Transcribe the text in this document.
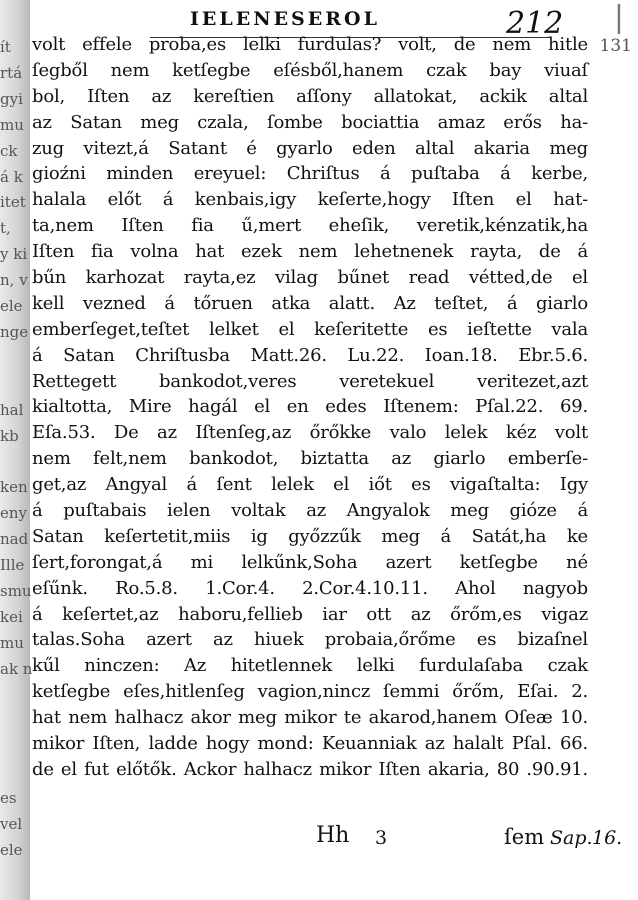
ít
rtá
gyi
mu
ck
á k
itet
t,
y ki
n, v
ele
nge
hal
kb
ken
eny
nad
Ille
smu
kei
mu
ak n
es
vel
ele
IELENESEROL	212 |
131
volt effele proba,es lelki furdulas? volt, de nem hitle
ſegből nem ketſegbe eſésből,hanem czak bay viuaſ
bol, Iſten az kereſtien aſſony allatokat, ackik altal
az Satan meg czala, ſombe bociattia amaz erős ha-
zug vitezt,á Satant é gyarlo eden altal akaria meg
gioźni minden ereyuel: Chriſtus á puſtaba á kerbe,
halala előt á kenbais,igy keſerte,hogy Iſten el hat-
ta,nem Iſten fia ű,mert eheſik, veretik,kénzatik,ha
Iſten fia volna hat ezek nem lehetnenek rayta, de á
bűn karhozat rayta,ez vilag bűnet read vétted,de el
kell vezned á tőruen atka alatt. Az teſtet, á giarlo
emberſeget,teſtet lelket el keſeritette es ieſtette vala
á Satan Chriſtusba Matt.26. Lu.22. Ioan.18. Ebr.5.6.
Rettegett bankodot,veres veretekuel veritezet,azt
kialtotta, Mire hagál el en edes Iſtenem: Pſal.22. 69.
Eſa.53. De az Iſtenſeg,az őrőkke valo lelek kéz volt
nem felt,nem bankodot, biztatta az giarlo emberſe-
get,az Angyal á ſent lelek el iőt es vigaſtalta: Igy
á puſtabais ielen voltak az Angyalok meg gióze á
Satan keſertetit,miis ig győzzűk meg á Satát,ha ke
ſert,forongat,á mi lelkűnk,Soha azert ketſegbe né
eſűnk. Ro.5.8. 1.Cor.4. 2.Cor.4.10.11. Ahol nagyob
á keſertet,az haboru,fellieb iar ott az őrőm,es vigaz
talas.Soha azert az hiuek probaia,őrőme es bizaſnel
kűl ninczen: Az hitetlennek lelki furdulaſaba czak
ketſegbe eſes,hitlenſeg vagion,nincz ſemmi őrőm, Eſai. 2.
hat nem halhacz akor meg mikor te akarod,hanem Oſeæ 10.
mikor Iſten, ladde hogy mond: Keuanniak az halalt Pſal. 66.
de el fut előtők. Ackor halhacz mikor Iſten akaria, 80 .90.91.
Hh 3	ſem Sap. 16.
